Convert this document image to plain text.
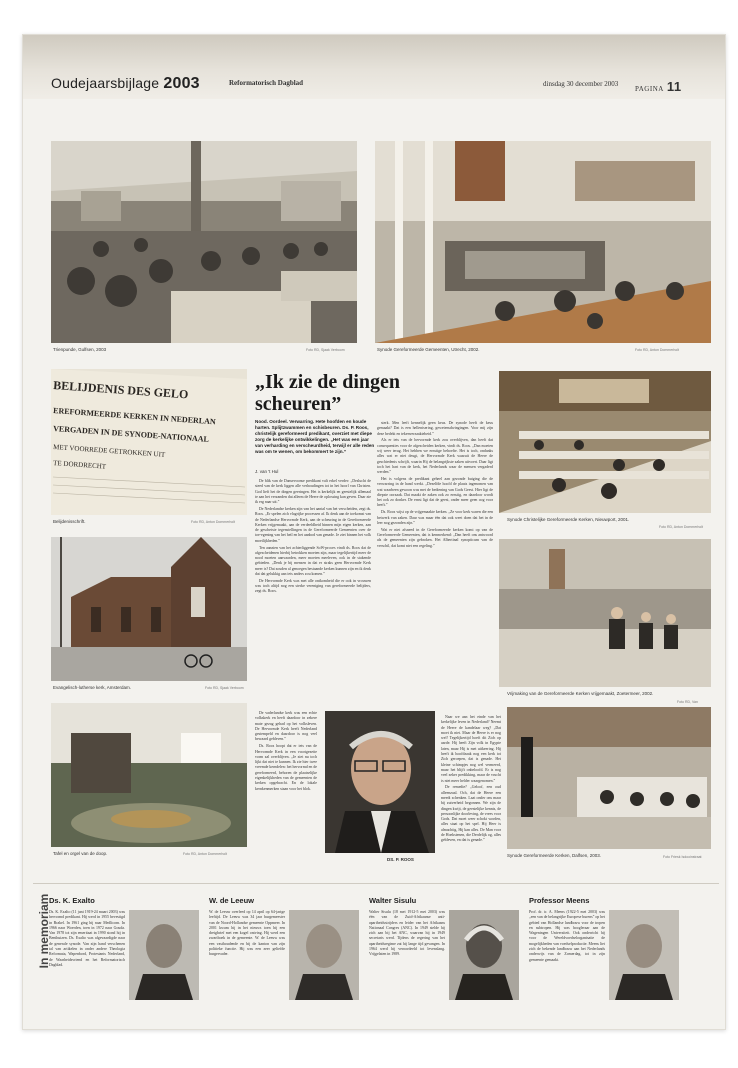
Oudejaarsbijlage 2003	Reformatorisch Dagblad	dinsdag 30 december 2003
PAGINA 11
Trienpunde, Gulfsen, 2003	Foto RD, Sjaak Verboom	Synode Gereformeerde Gemeenten, Utrecht, 2002.	Foto RD, Anton Dommerholt
BELIJDENIS DES GELO
EREFORMEERDE KERKEN IN NEDERLAN
VERGADEN IN DE SYNODE-NATIONAAL
MET VOORREDE GETROKKEN UIT
TE DORDRECHT
Belijdenisschrift.	Foto RD, Anton Dommerholt
„Ik zie de dingen scheuren”
Nood. Oordeel. Verwarring. Hete hoofden en koude harten. Splijtzwammen en schisbeuren. Ds. P. Roos, christelijk gereformeerd predikant, overziet met diepe zorg de kerkelijke ontwikkelingen. „Het was een jaar van verharding en verscheurdheid, terwijl er alle reden was om te wenen, om bekommert te zijn.”
J. van 't Hul

De blik van de Dansevoonse predikant valt erkel verder: „Deslucht de steed van de kerk liggen alle verhoudingen tot in het hoorl van Christen. God lieft het de dingen geeringen. Het is kerkelijk en geestelijk allemaal te aan het verzanden dat allerm de Heere de oplossing kan geven. Daar zie ik erg naar uit.”

De Nederlandse kerken zijn van het aantal van het verscheiden, zegt ds. Roos. „Er spelen zich vlagrijke processen af. Ik denk aan de toekomst van de Nederlandse Hervormde Kerk, aan de scheuring in de Gereformeerde Kerken vrijgemaakt, aan de verdeeldheid binnen mijn eigen kerken, aan de geschetste tegenstellingen in de Gereformeerde Gemeenten over de toe-egening van het heil en het aanbod van genade. Je ziet binnen het volk moeilijkheden.”

Ten aanzien van het achterliggende SoW-proces vindt ds. Roos dat de afgescheidenen hierbij betrokken moeten zijn, maar tegelijkertijd meer de nood moeten aanvaarden, meer moeten meeleven, ook in de stakende gebieden. „Denk je bij mensen in dat er straks geen Hervormde Kerk meer is? Dat zouden al genoegen bestaande kerken kunnen zijn en ik denk dat dat gelukkig aan iets anders zou komen.”

De Hervormde Kerk was met alle ontkomheid die er ook in vrouwen was toch altijd nog een sterke vereniging van gereformeerde belijders, zegt ds. Roos.

De vaderlandse kerk was een echte volkskerk en heeft daardoor in zekere mate gezag gehad op het volksleven. De Hervormde Kerk heeft Nederland gestempeld en daardoor is nog veel bewaard gebleven.”

Ds. Roos hoopt dat er iets van de Hervormde Kerk in een voortgezette vorm zal overblijven. „Je ziet nu toch lijkt dat niet te kunnen. Ik zie hier twee vreemde kerndelen: het hervormd en de gereformeerd, behoren de plaatselijke eigenkelijkheden van de gemeenten de kerken opgebracht. En de lokale kernkenmerken staan voor het blok.

sterk. Men leeft kennelijk geen keus. De synode heeft de keus gemaakt? Dat is een hellenisering, gewetensdwingingen. Voor mij zijn deze bedekt en tekenverzaakteheid.”

Als er iets van de hervormde kerk zou overblijven, dan heeft dat consequenties voor de afgescheiden kerken, vindt ds. Roos. „Dan moeten wij weer terug. Het hebben we ernstige behoefte. Het is toch, ondanks alles wat er niet deugt, de Hervormde Kerk waaruit de Heere de geschiedenis schrijft, waarin Hij de belangrijkste zaken uitvoert. Daar ligt toch het hart van de kerk, het Nederlands waar de mensen vergaderd werden.”

Het is volgens de predikant geheel aan gezonde buiging die de verwarring in de hand werkt. „Dezelfde hoofd de plaats ingenomen van wat waarheen gewoon was met de bediening van Gods Geest. Hier ligt de diepste oorzaak. Dat maakt de zaken ook zo ernstig, en daardoor wordt het ook zo donker. De ernst ligt dat de geest, onder meer geen oog voor heeft.”

Ds. Roos wijst op de vrijgemaakte kerken. „Ze voor kerk waren die een betwerk van zaken. Daar was maar één dat ook weet doen dat het in de leer nog gezonden zijn.”

Wat er niet afsneed in de Gereformeerde kerken komt op van de Gereformeerde Gemeenten, dat is kenmerkend: „Dan heeft ons antwoord als de gemeenten zijn gebroken. Het Albertinal synopticum van de verschil, dat komt niet een regeling.”

Naar we aan het einde van het kerkelijke leven in Nederland? Neemt de Heere de kandelaar weg? „Dat moet ik niet. Maar de Heere is er nog wel! Tegelijkertijd hoeft dit Zich op aarde. Hij heeft Zijn volk in Egypte laten, maar Hij is met uitkeering. Hij heeft ik hoofdzaak nog een kerk tot Zich geroepen, dat is genade. Het kleine schimpjes nog wel vermeerd, maar het blijft onbeloofd. Er is nog veel zeker predikking, maar de vrucht is niet meer helder waargenomen.”

De remedie? „Geloof, een oud alleenzaal. Och, dat de Heere een meedt schenken. Laat onder ons maar bij zuiverheid begonnen. We zijn de dingen kwijt, de geestelijke kennis, de persoonlijke doorleving, de vrees voor Gods. Dat moet weer schokt worden, alles staat op het spel. Hij Heer is almachtig, Hij kan alles. De Man voor de Hoekstenen, die Derdelijk og, alles gebleven, en dat is genade.”

Synode Christelijke Gereformeerde Kerken, Nieuwport, 2001.
Foto RD, Anton Dommerholt
Evangelisch-lutherse kerk, Amsterdam.	Foto RD, Sjaak Verboom
Vrijmaking van de Gereformeerde Kerken vrijgemaakt, Zoetermeer, 2002.
Foto RD, Van
Tafel en orgel van de doop.	Foto RD, Anton Dommerholt
DS. P. ROOS
Synode Gereformeerde Kerken, Dalfsen, 2003.	Foto Friesk Isdooinstraat
In memoriam
Ds. K. Exalto
Ds. K. Exalto (11 juni 1919-24 maart 2003) was hervormd predikant. Hij werd in 1955 bevestigd in Brakel. In 1961 ging hij naar Medlicom. In 1966 naar Woerden, toen in 1972 naar Gouda. Van 1978 tot zijn emeritaat in 1990 stond hij in Benthuizen. Ds. Exalto was afgevaardigde naar de generale synode. Van zijn hand verschenen tal van artikelen in onder andere Theologia Reformata, Wapenbord, Protestants Nederland, de Waarheidsvriend en het Reformatorisch Dagblad.
W. de Leeuw
W. de Leeuw overleed op 14 april op 64-jarige leeftijd. De Leeuw was 34 jaar burgemeester van de Noord-Hollandse gemeente Oppmeer. In 2001 kwam hij in het nieuws toen hij een dreigbrief met een kogel ontving. Hij werd een zwartboek in de gemeente. W. de Leeuw was een vasthoudende en bij de kanton van zijn politieke functie. Hij was een zeer geliefde burgervader.
Walter Sisulu
Walter Sisulu (18 mei 1912-5 mei 2003) was één van de Zuid-Afrikaanse anti-apartheidsstrijders en leider van het Afrikaans Nationaal Congres (ANC). In 1949 stelde hij zich aan bij het ANC, waarvan hij in 1949 secretaris werd. Tijdens de regering van het apartheidsregime zat hij lange tijd gevangen. In 1964 werd hij veroordeeld tot levenslang. Vrijgelaten in 1989.
Professor Meens
Prof. dr. ir. A. Meens (1922-5 mei 2003) was „een van de belangrijke Europese burens” op het gebied van Hollandse landbouw voor de tropen en subtropen. Hij was hoogleraar aan de Wageningen Universiteit. Ook onderricht hij voor de Wereldvoedselorganisatie de mogelijkheden van voedselproductie. Meens liet zich de bekende landbouw aan het Nederlands onderwijs van de Zomerdag, tot in zijn gemeente gemaakt.
